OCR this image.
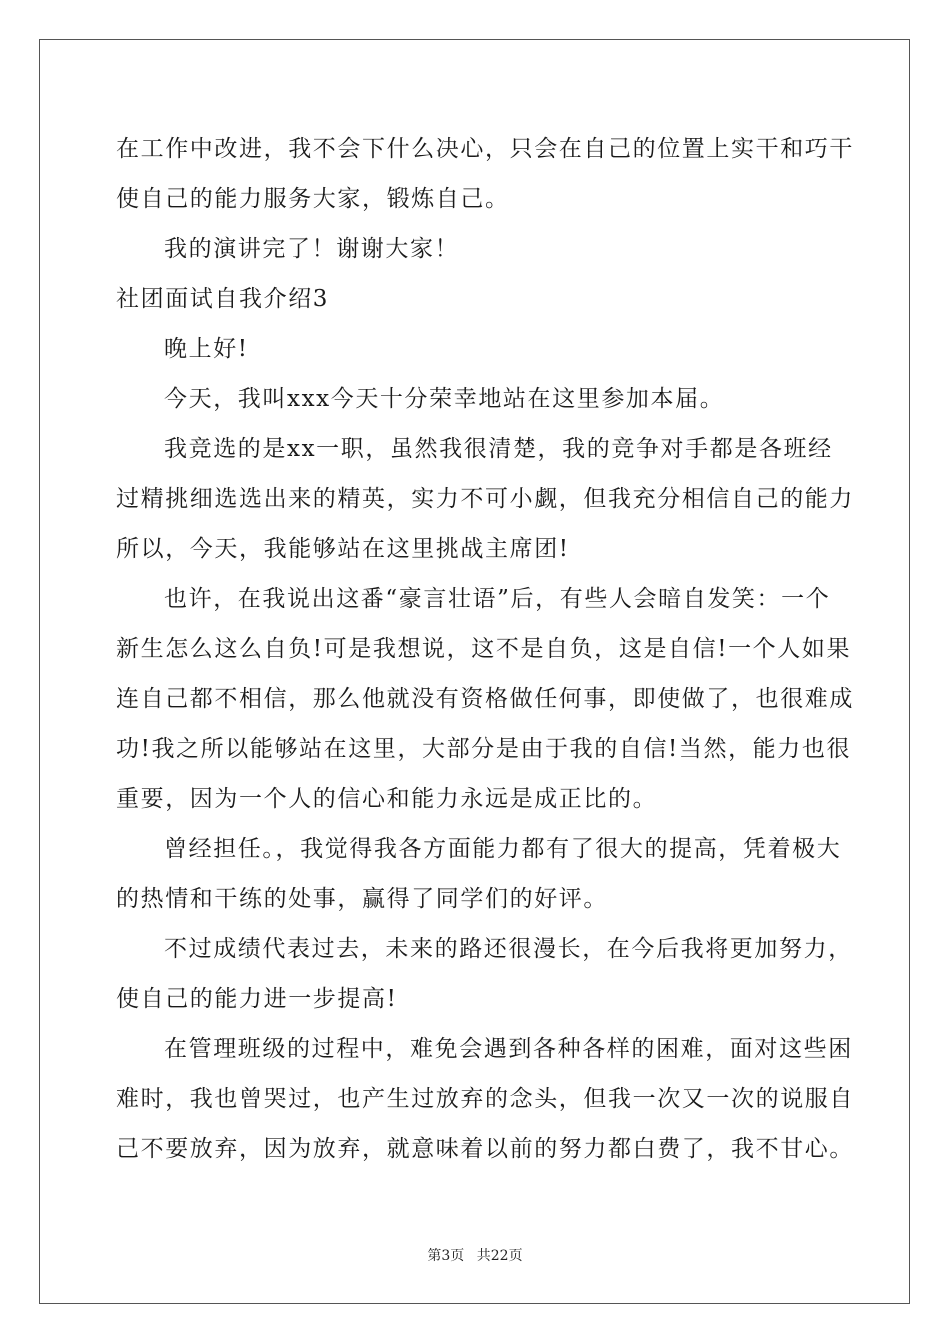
在工作中改进，我不会下什么决心，只会在自己的位置上实干和巧干
使自己的能力服务大家，锻炼自己。
我的演讲完了！谢谢大家！
社团面试自我介绍3
晚上好!
今天，我叫xxx今天十分荣幸地站在这里参加本届。
我竞选的是xx一职，虽然我很清楚，我的竞争对手都是各班经
过精挑细选选出来的精英，实力不可小觑，但我充分相信自己的能力
所以，今天，我能够站在这里挑战主席团!
也许，在我说出这番“豪言壮语”后，有些人会暗自发笑：一个
新生怎么这么自负!可是我想说，这不是自负，这是自信!一个人如果
连自己都不相信，那么他就没有资格做任何事，即使做了，也很难成
功!我之所以能够站在这里，大部分是由于我的自信!当然，能力也很
重要，因为一个人的信心和能力永远是成正比的。
曾经担任。，我觉得我各方面能力都有了很大的提高，凭着极大
的热情和干练的处事，赢得了同学们的好评。
不过成绩代表过去，未来的路还很漫长，在今后我将更加努力，
使自己的能力进一步提高!
在管理班级的过程中，难免会遇到各种各样的困难，面对这些困
难时，我也曾哭过，也产生过放弃的念头，但我一次又一次的说服自
己不要放弃，因为放弃，就意味着以前的努力都白费了，我不甘心。
第3页 共22页
